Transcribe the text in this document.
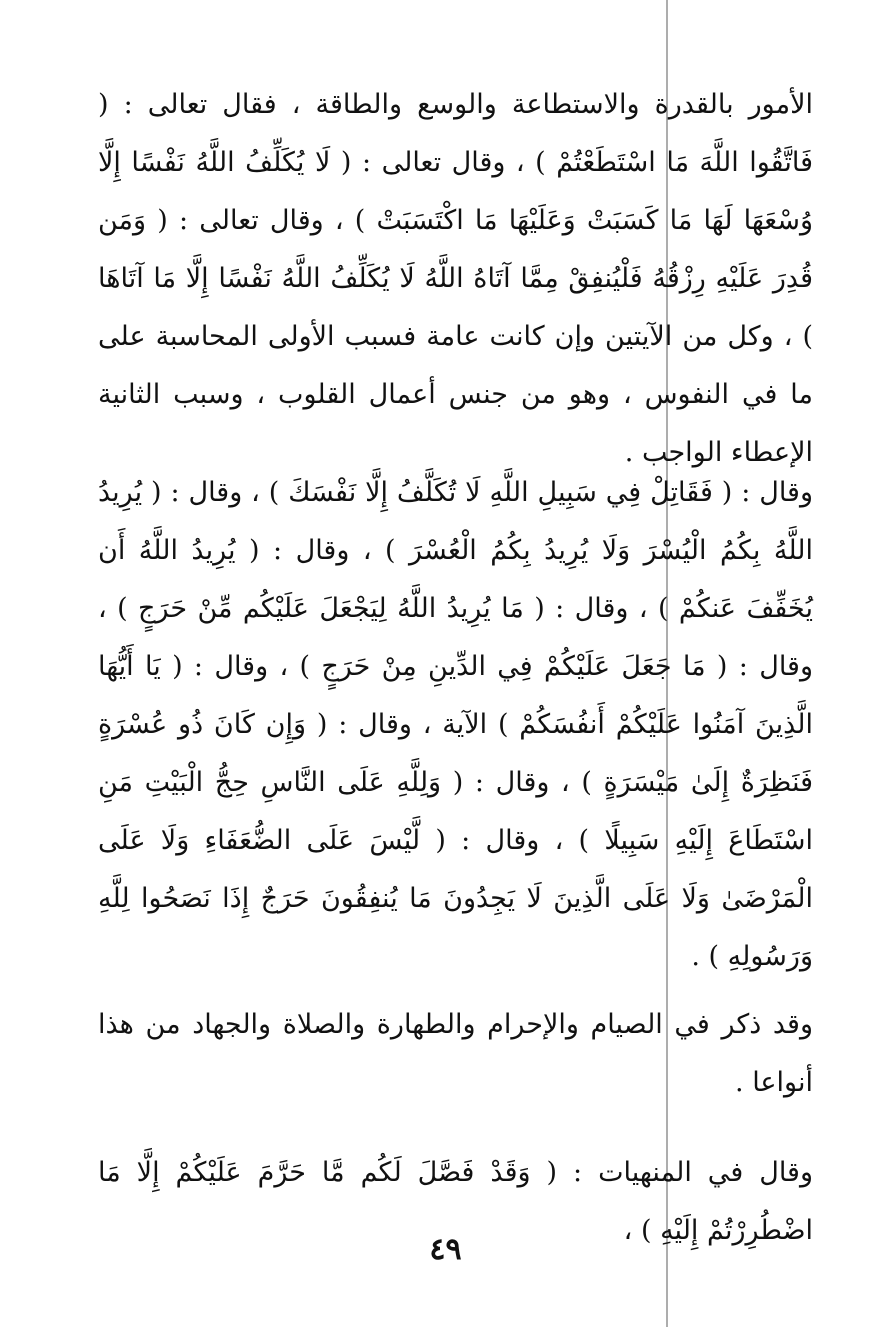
الأمور بالقدرة والاستطاعة والوسع والطاقة ، فقال تعالى : ( فَاتَّقُوا اللَّهَ مَا اسْتَطَعْتُمْ ) ، وقال تعالى : ( لَا يُكَلِّفُ اللَّهُ نَفْسًا إِلَّا وُسْعَهَا لَهَا مَا كَسَبَتْ وَعَلَيْهَا مَا اكْتَسَبَتْ ) ، وقال تعالى : ( وَمَن قُدِرَ عَلَيْهِ رِزْقُهُ فَلْيُنفِقْ مِمَّا آتَاهُ اللَّهُ لَا يُكَلِّفُ اللَّهُ نَفْسًا إِلَّا مَا آتَاهَا ) ، وكل من الآيتين وإن كانت عامة فسبب الأولى المحاسبة على ما في النفوس ، وهو من جنس أعمال القلوب ، وسبب الثانية الإعطاء الواجب .

وقال : ( فَقَاتِلْ فِي سَبِيلِ اللَّهِ لَا تُكَلَّفُ إِلَّا نَفْسَكَ ) ، وقال : ( يُرِيدُ اللَّهُ بِكُمُ الْيُسْرَ وَلَا يُرِيدُ بِكُمُ الْعُسْرَ ) ، وقال : ( يُرِيدُ اللَّهُ أَن يُخَفِّفَ عَنكُمْ ) ، وقال : ( مَا يُرِيدُ اللَّهُ لِيَجْعَلَ عَلَيْكُم مِّنْ حَرَجٍ ) ، وقال : ( مَا جَعَلَ عَلَيْكُمْ فِي الدِّينِ مِنْ حَرَجٍ ) ، وقال : ( يَا أَيُّهَا الَّذِينَ آمَنُوا عَلَيْكُمْ أَنفُسَكُمْ ) الآية ، وقال : ( وَإِن كَانَ ذُو عُسْرَةٍ فَنَظِرَةٌ إِلَىٰ مَيْسَرَةٍ ) ، وقال : ( وَلِلَّهِ عَلَى النَّاسِ حِجُّ الْبَيْتِ مَنِ اسْتَطَاعَ إِلَيْهِ سَبِيلًا ) ، وقال : ( لَّيْسَ عَلَى الضُّعَفَاءِ وَلَا عَلَى الْمَرْضَىٰ وَلَا عَلَى الَّذِينَ لَا يَجِدُونَ مَا يُنفِقُونَ حَرَجٌ إِذَا نَصَحُوا لِلَّهِ وَرَسُولِهِ ) .

وقد ذكر في الصيام والإحرام والطهارة والصلاة والجهاد من هذا أنواعا .

وقال في المنهيات : ( وَقَدْ فَصَّلَ لَكُم مَّا حَرَّمَ عَلَيْكُمْ إِلَّا مَا اضْطُرِرْتُمْ إِلَيْهِ ) ،

٤٩
